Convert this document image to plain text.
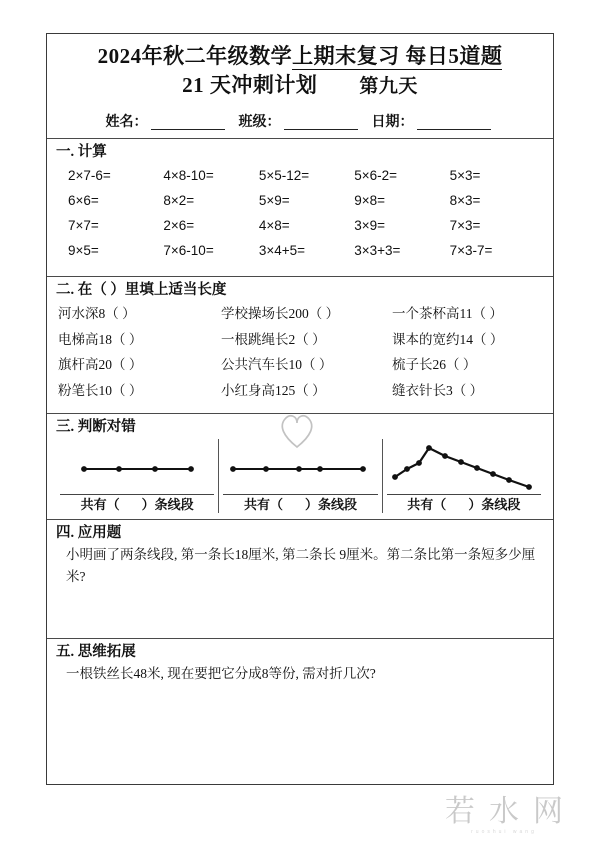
2024年秋二年级数学上期末复习 每日5道题
21 天冲刺计划 第九天
姓名：	班级：	日期：
一. 计算
2×7-6=	4×8-10=	5×5-12=	5×6-2=	5×3=
6×6=	8×2=	5×9=	9×8=	8×3=
7×7=	2×6=	4×8=	3×9=	7×3=
9×5=	7×6-10=	3×4+5=	3×3+3=	7×3-7=
二. 在（ ）里填上适当长度
河水深8（ ）	学校操场长200（ ）	一个茶杯高11（ ）
电梯高18（ ）	一根跳绳长2（ ）	课本的宽约14（ ）
旗杆高20（ ）	公共汽车长10（ ）	梳子长26（ ）
粉笔长10（ ）	小红身高125（ ）	缝衣针长3（ ）
三. 判断对错
共有（ ）条线段	共有（ ）条线段	共有（ ）条线段
四. 应用题
小明画了两条线段, 第一条长18厘米, 第二条长 9厘米。第二条比第一条短多少厘米?
五. 思维拓展
一根铁丝长48米, 现在要把它分成8等份, 需对折几次?
若水网
ruoshui wang
